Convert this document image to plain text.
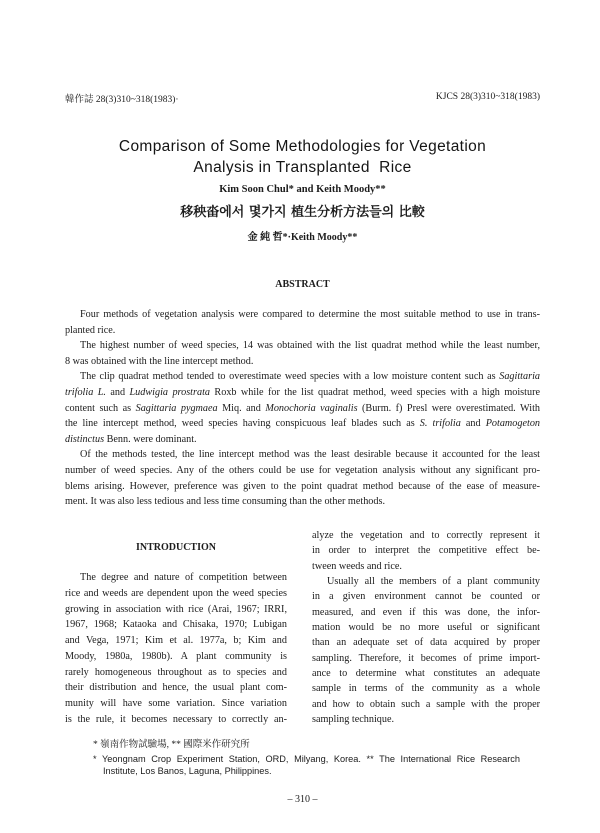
韓作誌 28(3)310~318(1983)·	KJCS 28(3)310~318(1983)
Comparison of Some Methodologies for Vegetation
Analysis in Transplanted  Rice
Kim Soon Chul* and Keith Moody**
移秧畓에서 몇가지 植生分析方法들의 比較
金 純 哲*·Keith Moody**
ABSTRACT
Four methods of vegetation analysis were compared to determine the most suitable method to use in trans-
planted rice.
The highest number of weed species, 14 was obtained with the list quadrat method while the least number,
8 was obtained with the line intercept method.
The clip quadrat method tended to overestimate weed species with a low moisture content such as Sagittaria
trifolia L. and Ludwigia prostrata Roxb while for the list quadrat method, weed species with a high moisture
content such as Sagittaria pygmaea Miq. and Monochoria vaginalis (Burm. f) Presl were overestimated. With
the line intercept method, weed species having conspicuous leaf blades such as S. trifolia and Potamogeton
distinctus Benn. were dominant.
Of the methods tested, the line intercept method was the least desirable because it accounted for the least
number of weed species. Any of the others could be use for vegetation analysis without any significant pro-
blems arising. However, preference was given to the point quadrat method because of the ease of measure-
ment. It was also less tedious and less time consuming than the other methods.
INTRODUCTION
The degree and nature of competition between
rice and weeds are dependent upon the weed species
growing in association with rice (Arai, 1967; IRRI,
1967, 1968; Kataoka and Chisaka, 1970; Lubigan
and Vega, 1971; Kim et al. 1977a, b; Kim and
Moody, 1980a, 1980b). A plant community is
rarely homogeneous throughout as to species and
their distribution and hence, the usual plant com-
munity will have some variation. Since variation
is the rule, it becomes necessary to correctly an-
alyze the vegetation and to correctly represent it
in order to interpret the competitive effect be-
tween weeds and rice.
Usually all the members of a plant community
in a given environment cannot be counted or
measured, and even if this was done, the infor-
mation would be no more useful or significant
than an adequate set of data acquired by proper
sampling. Therefore, it becomes of prime import-
ance to determine what constitutes an adequate
sample in terms of the community as a whole
and how to obtain such a sample with the proper
sampling technique.
* 嶺南作物試驗場, ** 國際米作研究所
* Yeongnam Crop Experiment Station, ORD, Milyang, Korea. ** The International Rice Research
Institute, Los Banos, Laguna, Philippines.
– 310 –
